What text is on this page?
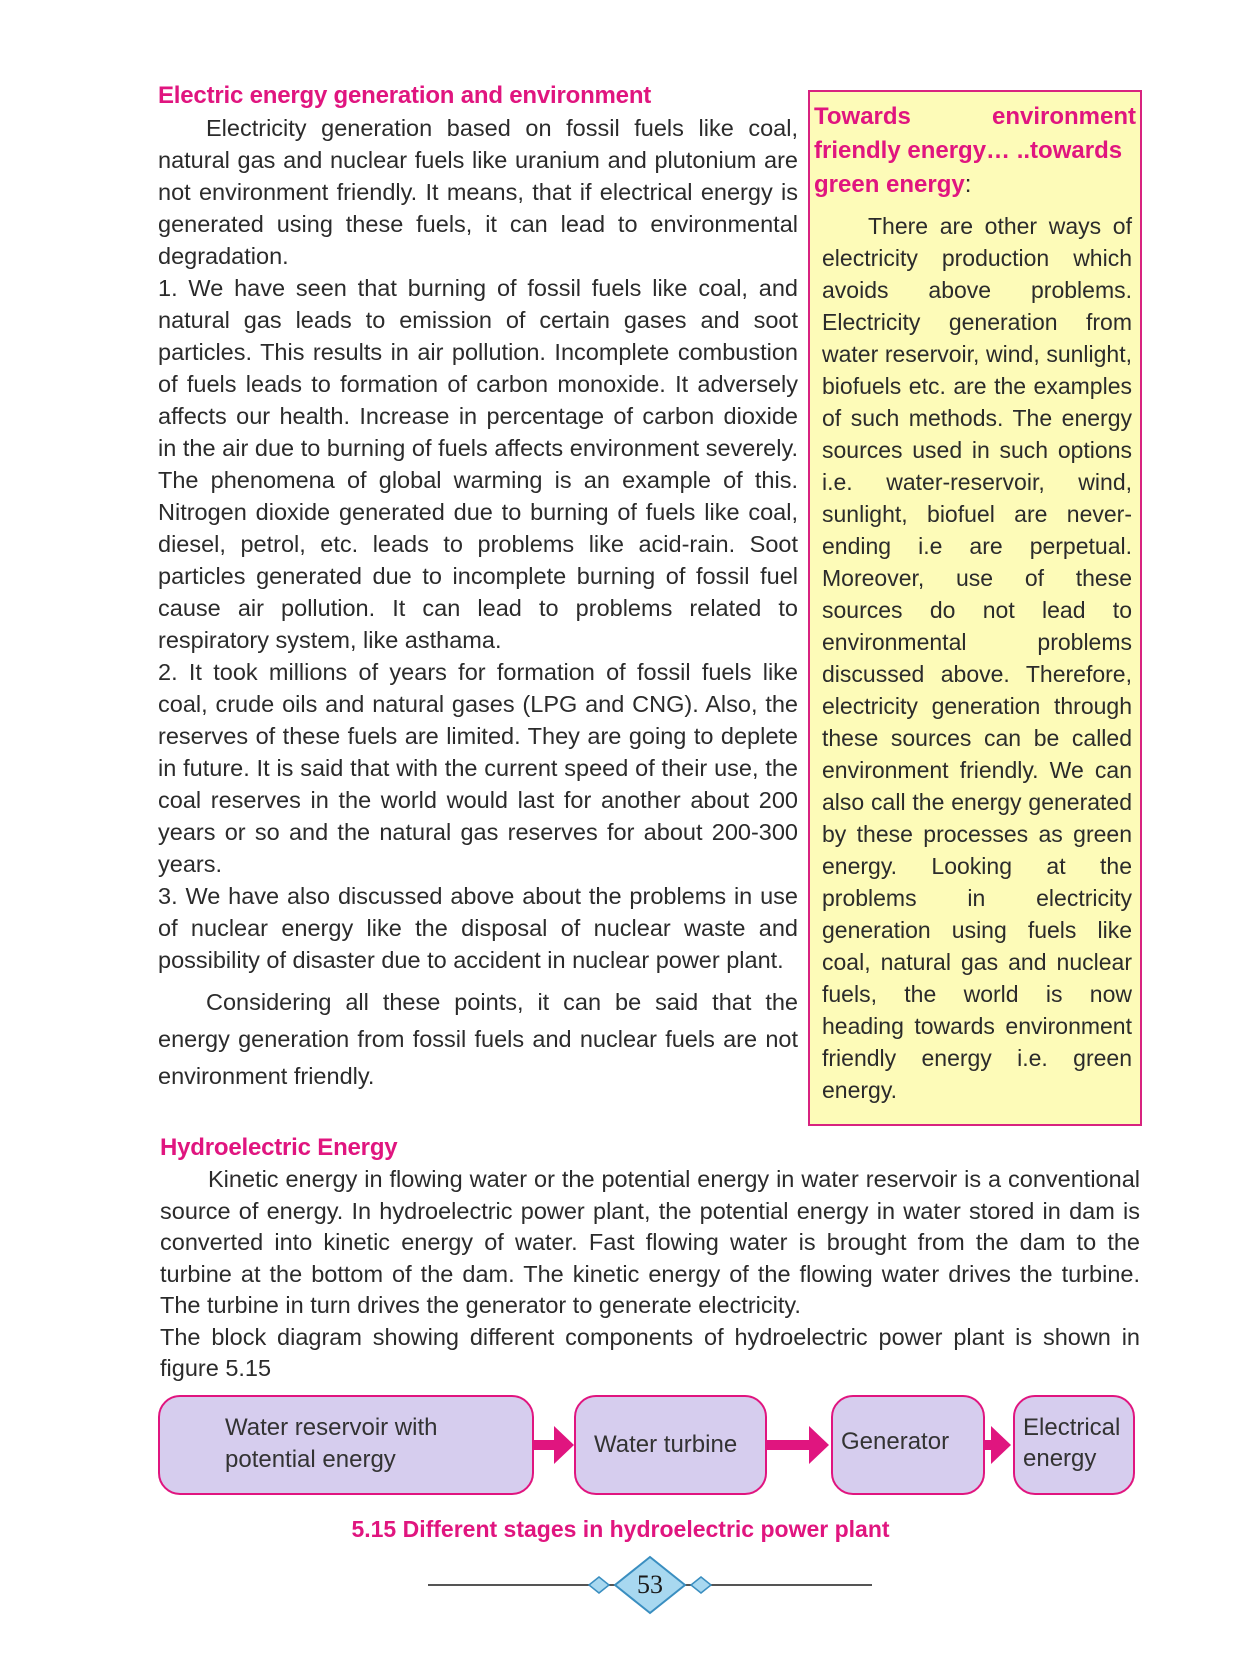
Electric energy generation and environment

Electricity generation based on fossil fuels like coal, natural gas and nuclear fuels like uranium and plutonium are not environment friendly. It means, that if electrical energy is generated using these fuels, it can lead to environmental degradation.

1. We have seen that burning of fossil fuels like coal, and natural gas leads to emission of certain gases and soot particles. This results in air pollution. Incomplete combustion of fuels leads to formation of carbon monoxide. It adversely affects our health. Increase in percentage of carbon dioxide in the air due to burning of fuels affects environment severely. The phenomena of global warming is an example of this. Nitrogen dioxide generated due to burning of fuels like coal, diesel, petrol, etc. leads to problems like acid-rain. Soot particles generated due to incomplete burning of fossil fuel cause air pollution. It can lead to problems related to respiratory system, like asthama.

2. It took millions of years for formation of fossil fuels like coal, crude oils and natural gases (LPG and CNG). Also, the reserves of these fuels are limited. They are going to deplete in future. It is said that with the current speed of their use, the coal reserves in the world would last for another about 200 years or so and the natural gas reserves for about 200-300 years.

3. We have also discussed above about the problems in use of nuclear energy like the disposal of nuclear waste and possibility of disaster due to accident in nuclear power plant.

Considering all these points, it can be said that the energy generation from fossil fuels and nuclear fuels are not environment friendly.

Towards environment friendly energy… ..towards
green energy:

There are other ways of electricity production which avoids above problems. Electricity generation from water reservoir, wind, sunlight, biofuels etc. are the examples of such methods. The energy sources used in such options i.e. water-reservoir, wind, sunlight, biofuel are never-ending i.e are perpetual. Moreover, use of these sources do not lead to environmental problems discussed above. Therefore, electricity generation through these sources can be called environment friendly. We can also call the energy generated by these processes as green energy. Looking at the problems in electricity generation using fuels like coal, natural gas and nuclear fuels, the world is now heading towards environment friendly energy i.e. green energy.

Hydroelectric Energy

Kinetic energy in flowing water or the potential energy in water reservoir is a conventional source of energy. In hydroelectric power plant, the potential energy in water stored in dam is converted into kinetic energy of water. Fast flowing water is brought from the dam to the turbine at the bottom of the dam. The kinetic energy of the flowing water drives the turbine. The turbine in turn drives the generator to generate electricity.

The block diagram showing different components of hydroelectric power plant is shown in figure 5.15

Water reservoir with
potential energy
Water turbine	Generator
Electrical
energy
5.15 Different stages in hydroelectric power plant
53
